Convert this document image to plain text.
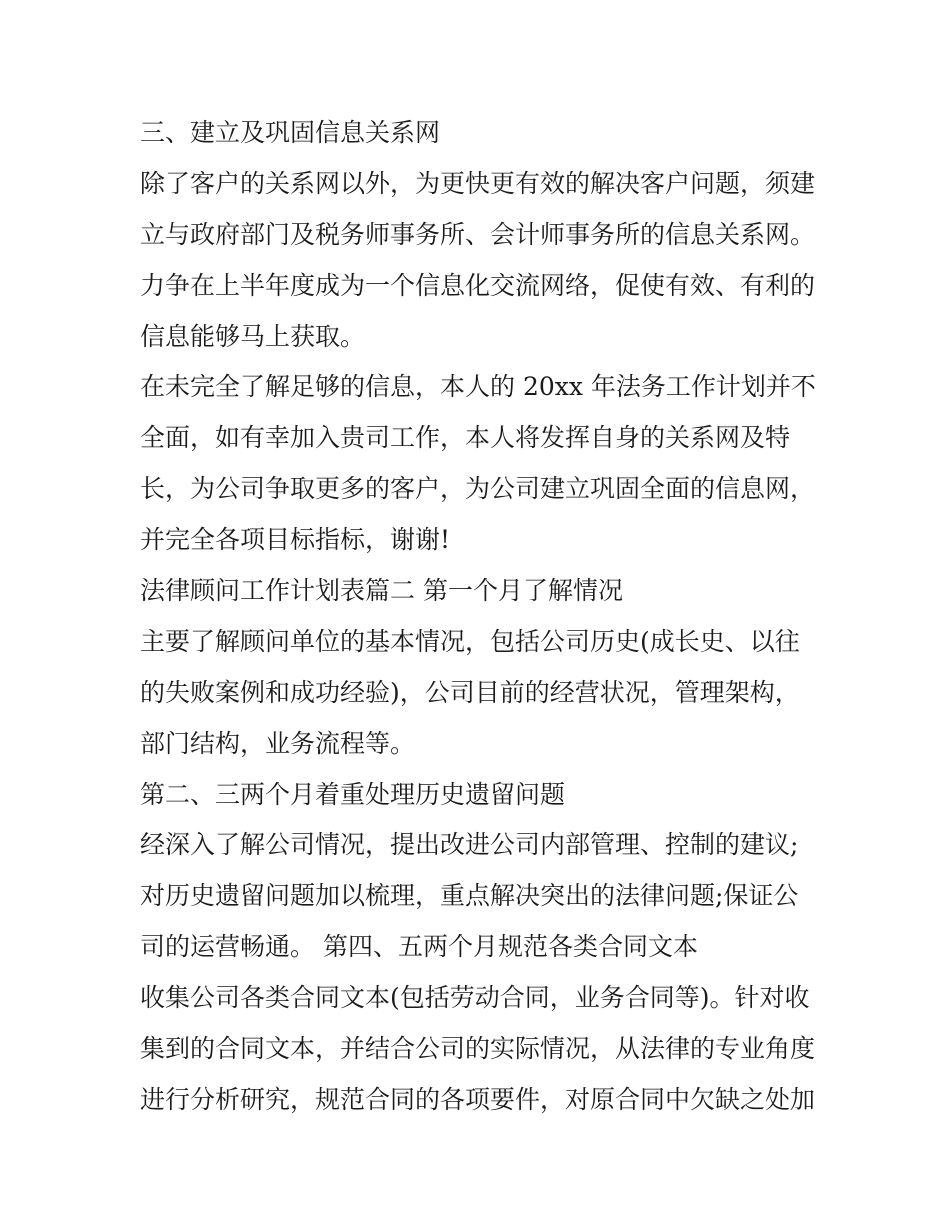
三、建立及巩固信息关系网
除了客户的关系网以外，为更快更有效的解决客户问题，须建
立与政府部门及税务师事务所、会计师事务所的信息关系网。
力争在上半年度成为一个信息化交流网络，促使有效、有利的
信息能够马上获取。
在未完全了解足够的信息，本人的 20xx 年法务工作计划并不
全面，如有幸加入贵司工作，本人将发挥自身的关系网及特
长，为公司争取更多的客户，为公司建立巩固全面的信息网，
并完全各项目标指标，谢谢!
法律顾问工作计划表篇二 第一个月了解情况
主要了解顾问单位的基本情况，包括公司历史(成长史、以往
的失败案例和成功经验)，公司目前的经营状况，管理架构，
部门结构，业务流程等。
第二、三两个月着重处理历史遗留问题
经深入了解公司情况，提出改进公司内部管理、控制的建议;
对历史遗留问题加以梳理，重点解决突出的法律问题;保证公
司的运营畅通。 第四、五两个月规范各类合同文本
收集公司各类合同文本(包括劳动合同，业务合同等)。针对收
集到的合同文本，并结合公司的实际情况，从法律的专业角度
进行分析研究，规范合同的各项要件，对原合同中欠缺之处加
